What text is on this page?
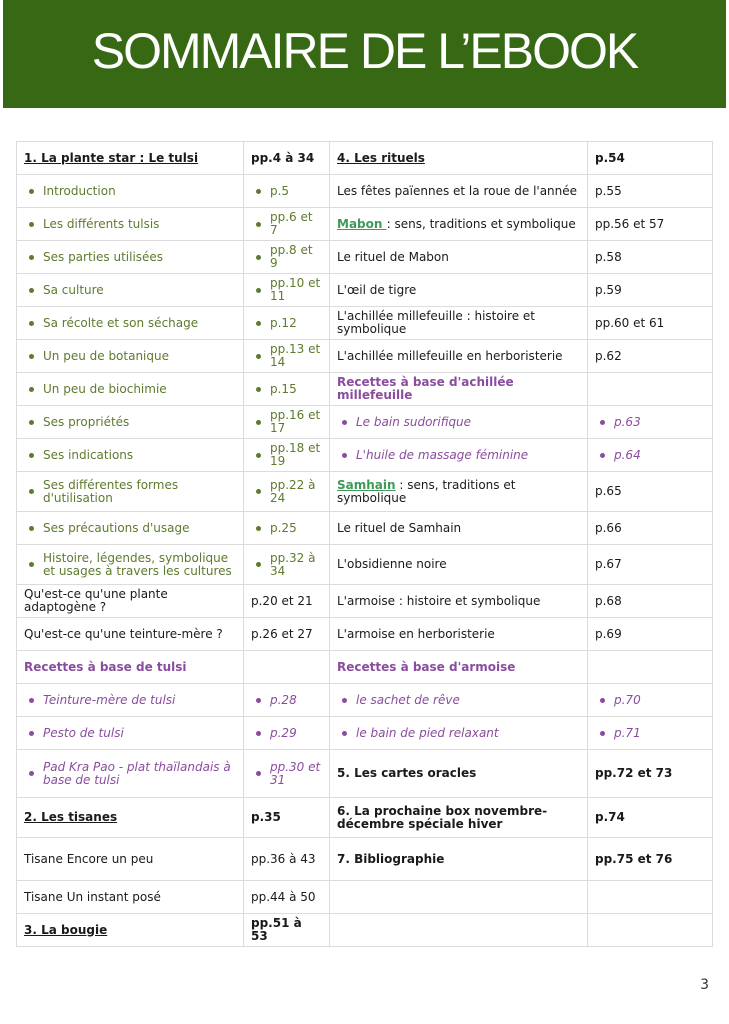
SOMMAIRE DE L’EBOOK
1. La plante star : Le tulsi	pp.4 à 34	4. Les rituels	p.54

Introduction	p.5	Les fêtes païennes et la roue de l'année	p.55

Les différents tulsis	pp.6 et 7	Mabon : sens, traditions et symbolique	pp.56 et 57

Ses parties utilisées	pp.8 et 9	Le rituel de Mabon	p.58

Sa culture	pp.10 et 11	L'œil de tigre	p.59

Sa récolte et son séchage	p.12	L'achillée millefeuille : histoire et symbolique	pp.60 et 61

Un peu de botanique	pp.13 et 14	L'achillée millefeuille en herboristerie	p.62

Un peu de biochimie	p.15	Recettes à base d'achillée millefeuille	

Ses propriétés	pp.16 et 17	Le bain sudorifique	p.63

Ses indications	pp.18 et 19	L'huile de massage féminine	p.64

Ses différentes formes d'utilisation	pp.22 à 24	Samhain : sens, traditions et symbolique	p.65

Ses précautions d'usage	p.25	Le rituel de Samhain	p.66

Histoire, légendes, symbolique et usages à travers les cultures	pp.32 à 34	L'obsidienne noire	p.67
Qu'est-ce qu'une plante adaptogène ?	p.20 et 21	L'armoise : histoire et symbolique	p.68
Qu'est-ce qu'une teinture-mère ?	p.26 et 27	L'armoise en herboristerie	p.69
Recettes à base de tulsi		Recettes à base d'armoise	

Teinture-mère de tulsi	p.28	le sachet de rêve	p.70

Pesto de tulsi	p.29	le bain de pied relaxant	p.71

Pad Kra Pao - plat thaïlandais à base de tulsi	pp.30 et 31	5. Les cartes oracles	pp.72 et 73
2. Les tisanes	p.35	6. La prochaine box novembre-décembre spéciale hiver	p.74
Tisane Encore un peu	pp.36 à 43	7. Bibliographie	pp.75 et 76
Tisane Un instant posé	pp.44 à 50		
3. La bougie	pp.51 à 53		
3
